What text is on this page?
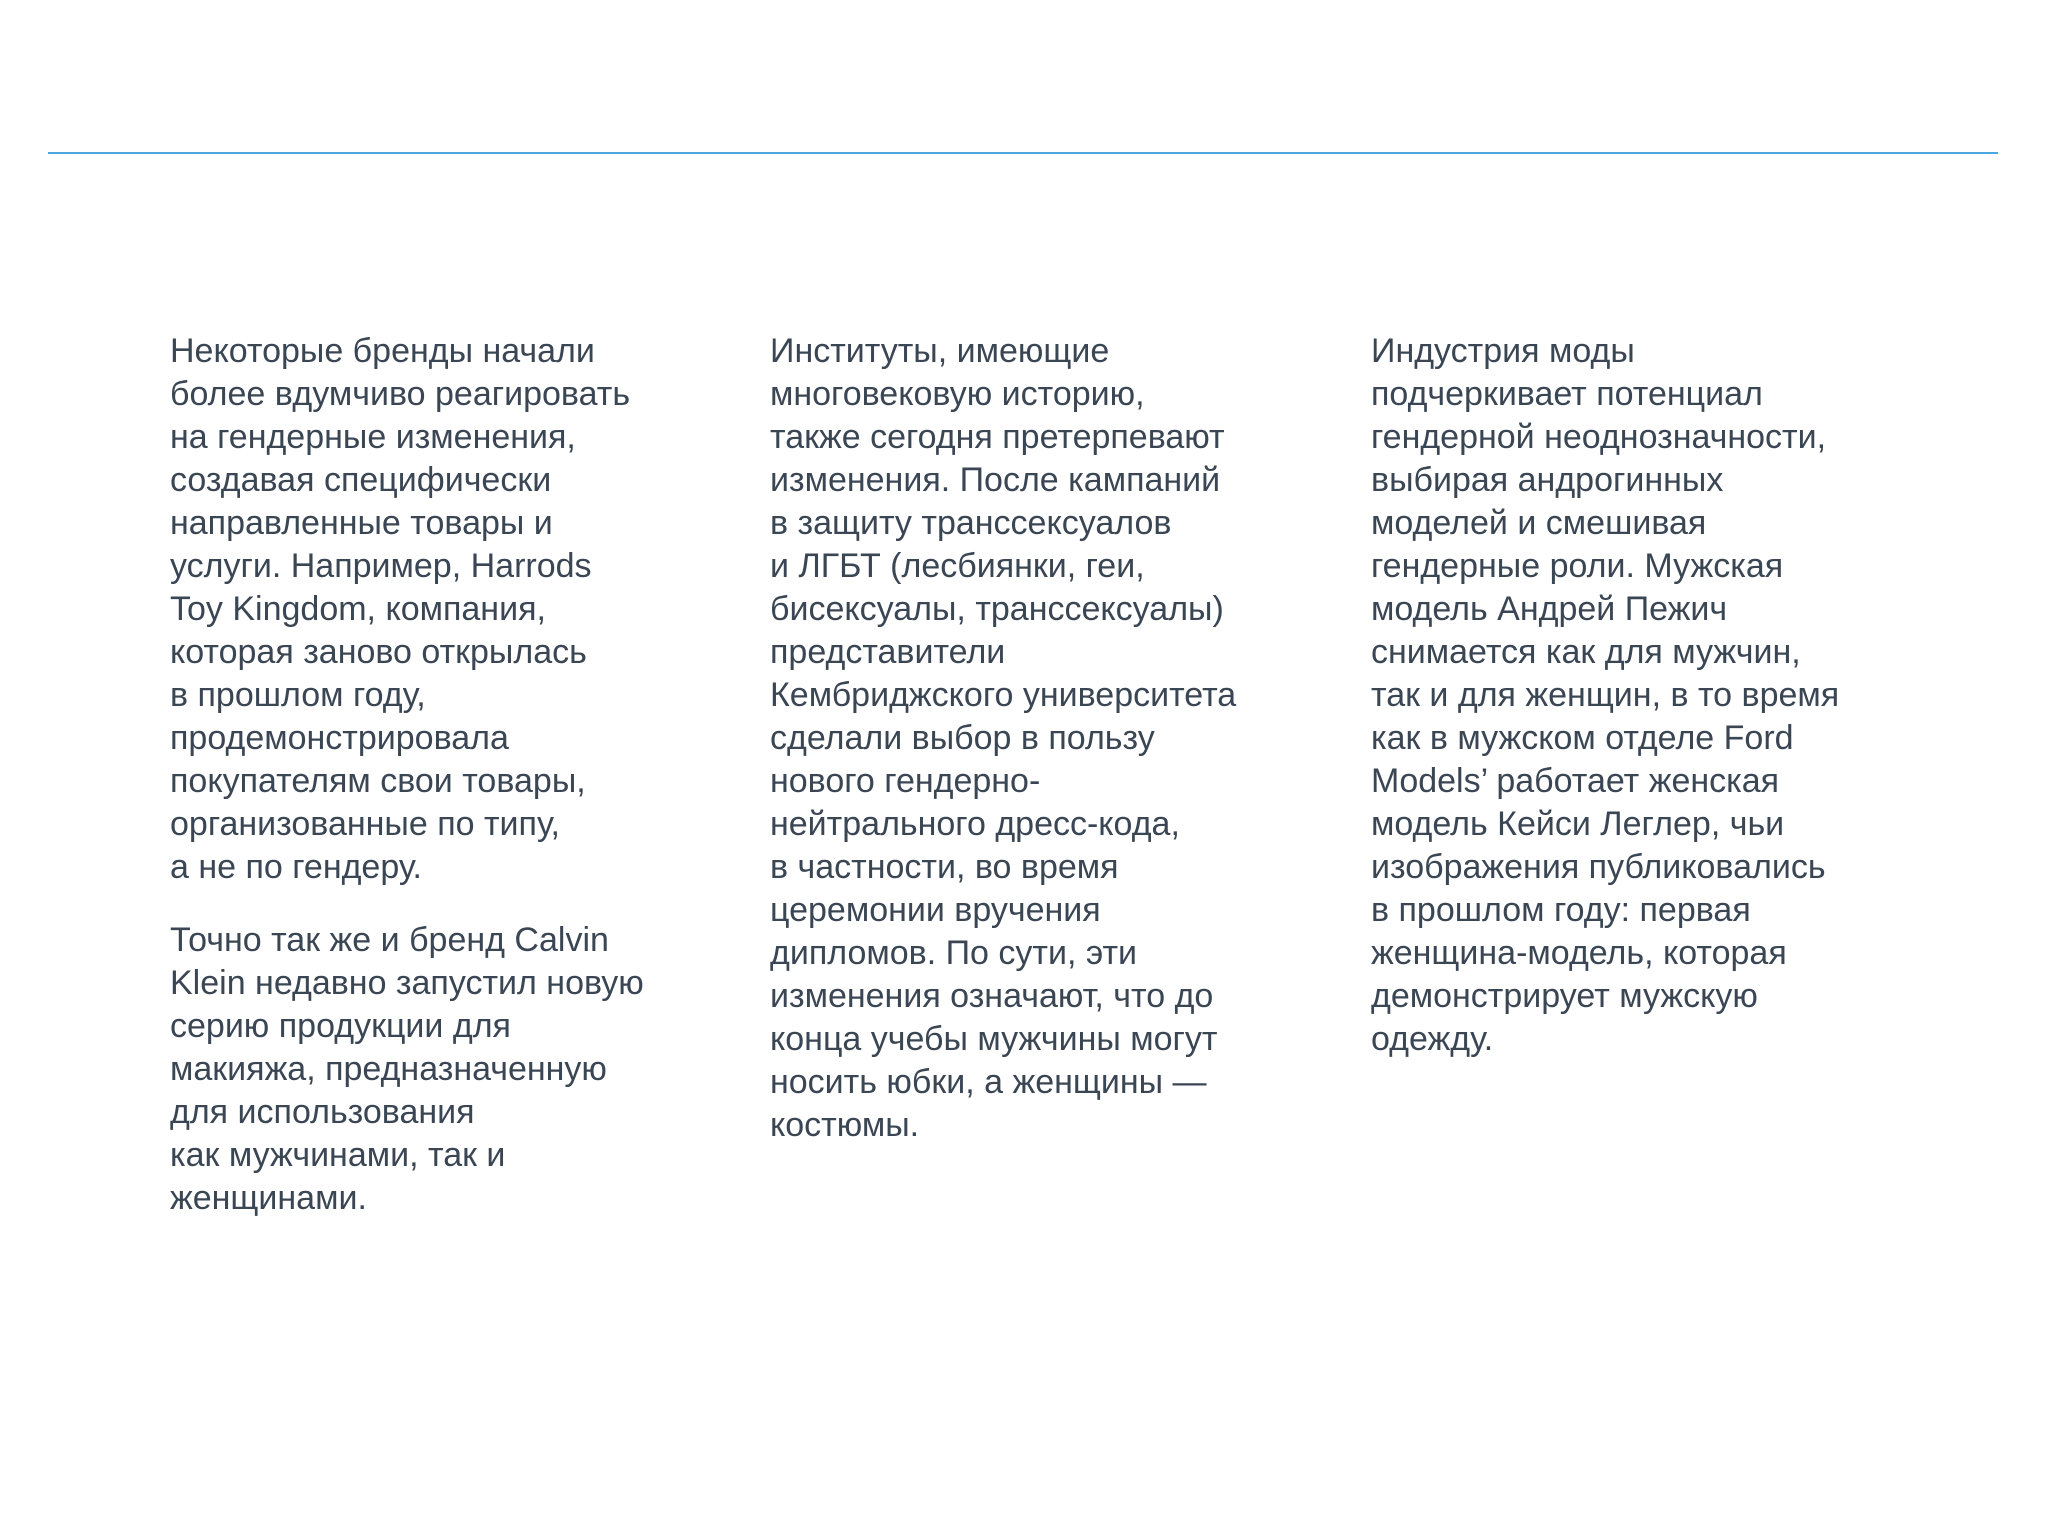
Некоторые бренды начали
более вдумчиво реагировать
на гендерные изменения,
создавая специфически
направленные товары и
услуги. Например, Harrods
Toy Kingdom, компания,
которая заново открылась
в прошлом году,
продемонстрировала
покупателям свои товары,
организованные по типу,
а не по гендеру.

Точно так же и бренд Calvin
Klein недавно запустил новую
серию продукции для
макияжа, предназначенную
для использования
как мужчинами, так и
женщинами.

Институты, имеющие
многовековую историю,
также сегодня претерпевают
изменения. После кампаний
в защиту транссексуалов
и ЛГБТ (лесбиянки, геи,
бисексуалы, транссексуалы)
представители
Кембриджского университета
сделали выбор в пользу
нового гендерно-
нейтрального дресс-кода,
в частности, во время
церемонии вручения
дипломов. По сути, эти
изменения означают, что до
конца учебы мужчины могут
носить юбки, а женщины —
костюмы.

Индустрия моды
подчеркивает потенциал
гендерной неоднозначности,
выбирая андрогинных
моделей и смешивая
гендерные роли. Мужская
модель Андрей Пежич
снимается как для мужчин,
так и для женщин, в то время
как в мужском отделе Ford
Models’ работает женская
модель Кейси Леглер, чьи
изображения публиковались
в прошлом году: первая
женщина-модель, которая
демонстрирует мужскую
одежду.
